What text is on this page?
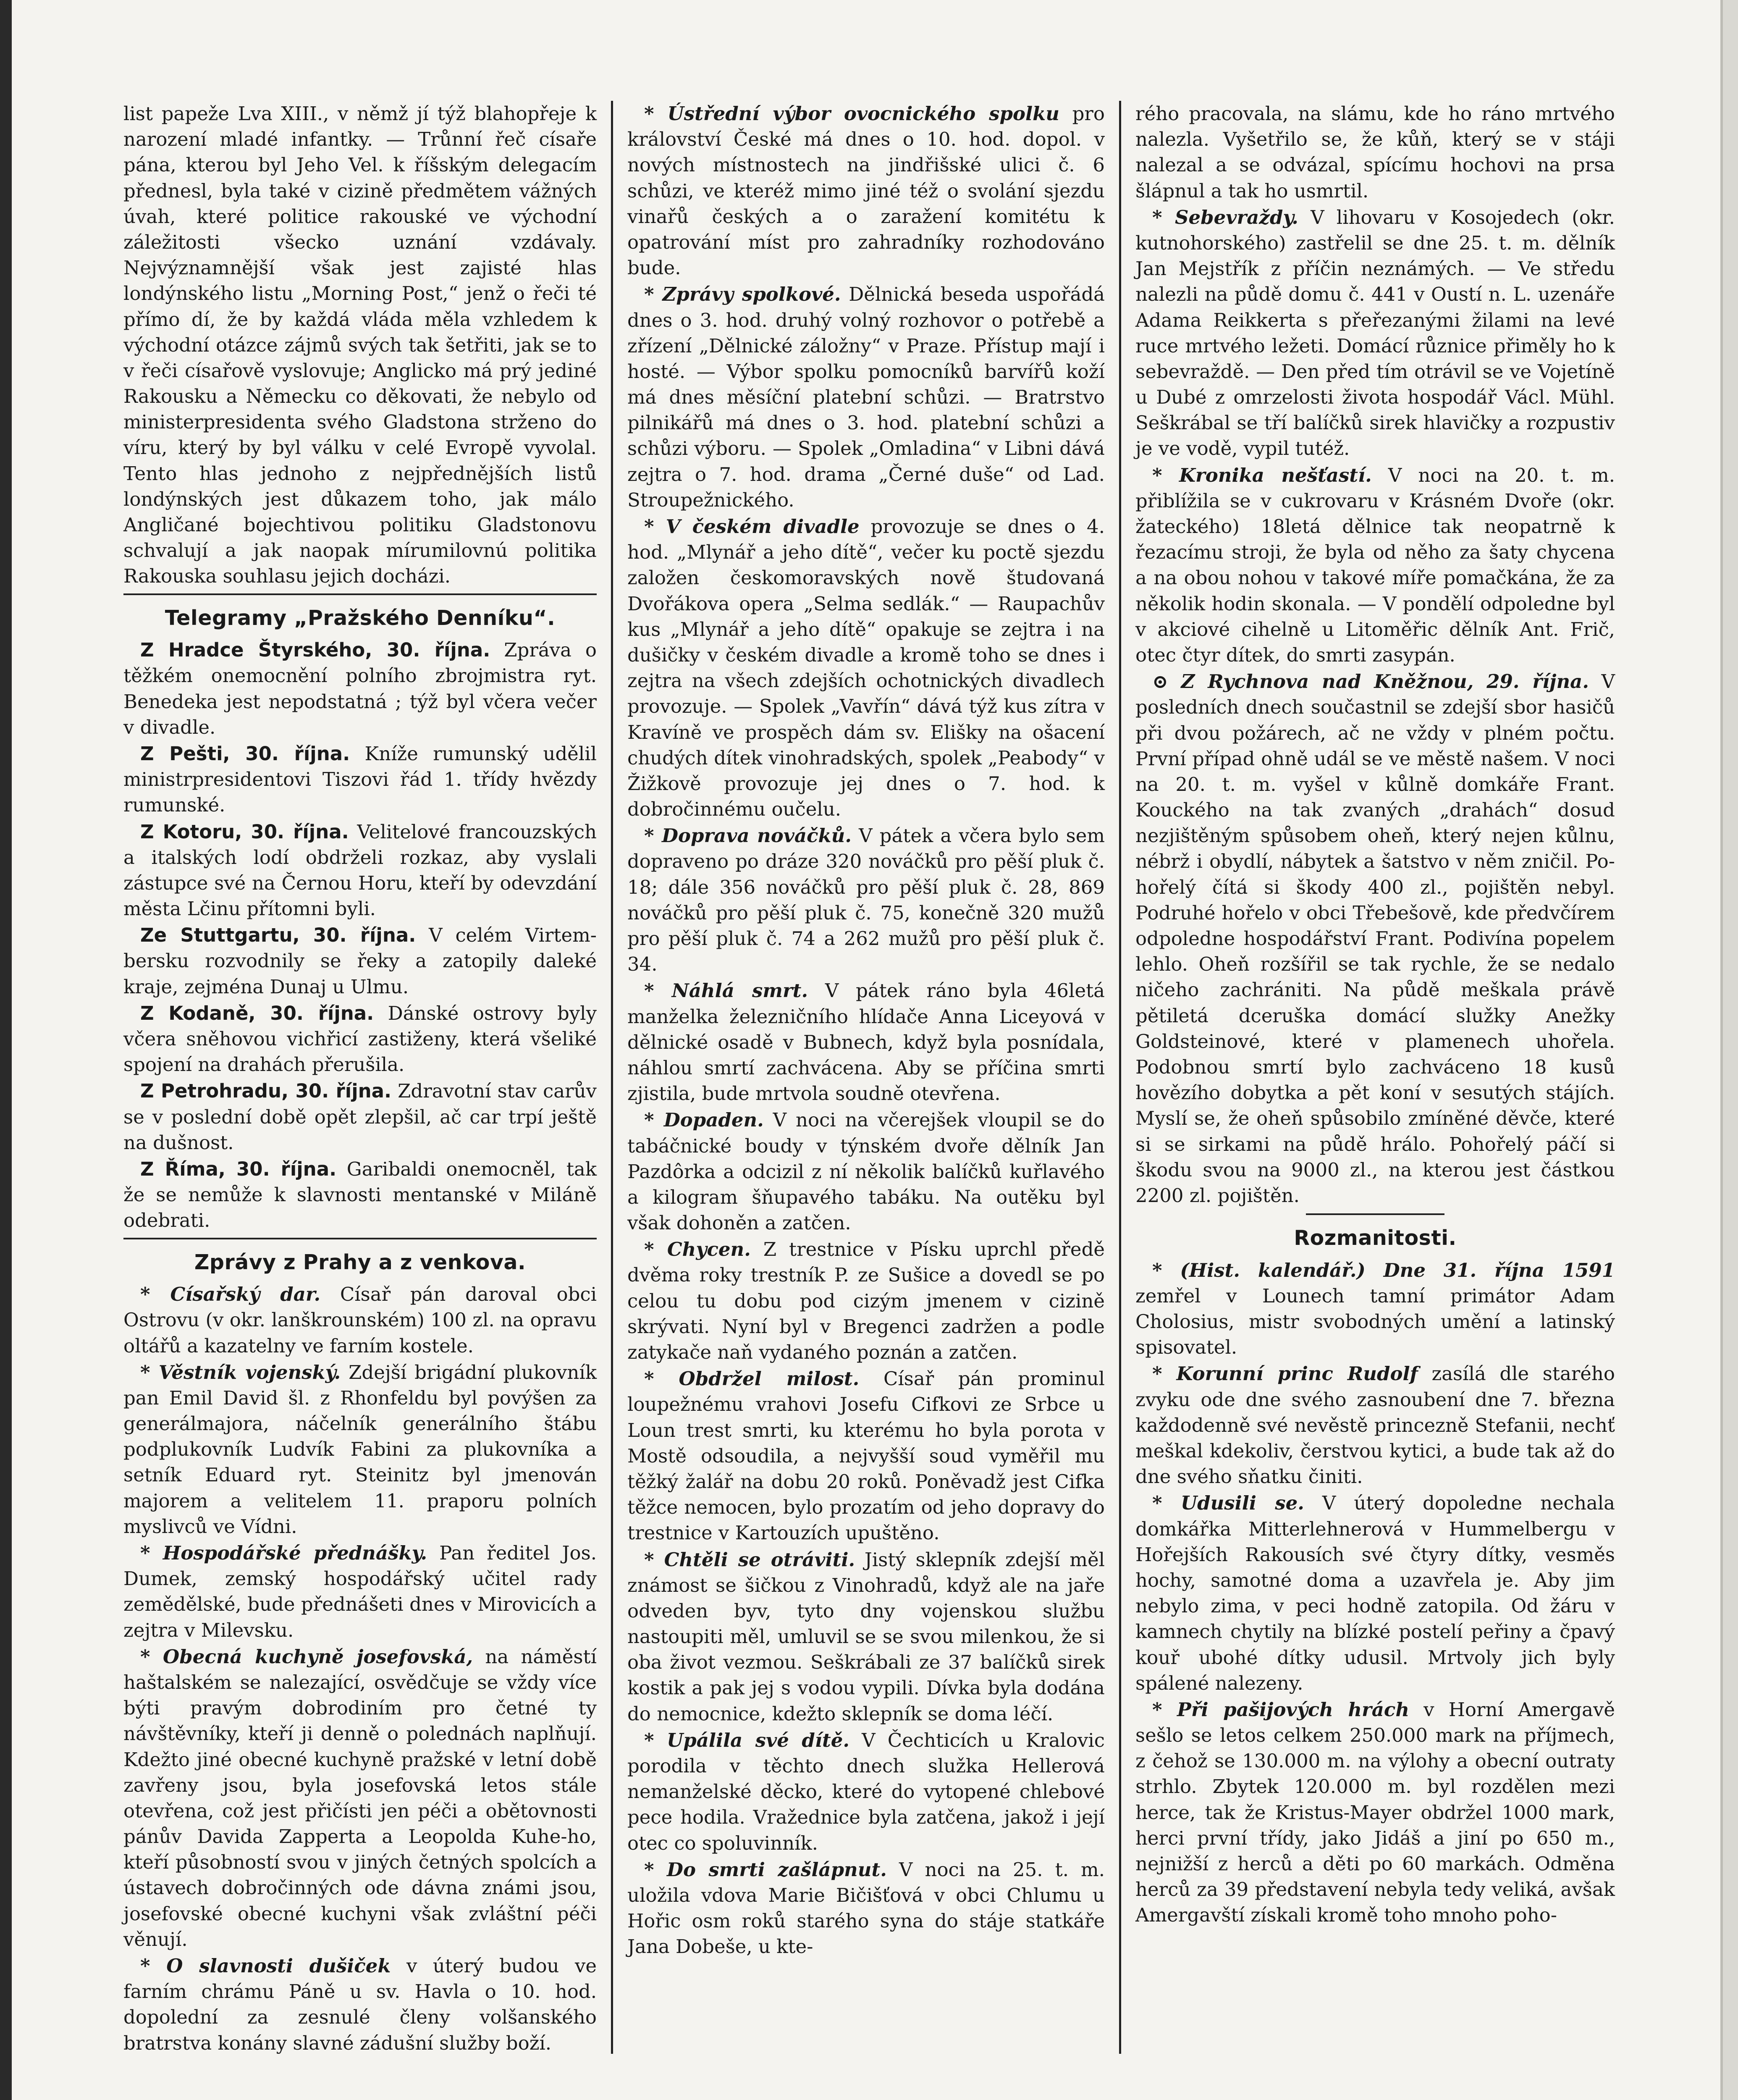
list papeže Lva XIII., v němž jí týž blahopřeje k narození mladé infantky. — Trůnní řeč císaře pána, kterou byl Jeho Vel. k říšským delegacím přednesl, byla také v cizině předmětem vážných úvah, které politice rakouské ve východní záležitosti všecko uznání vzdávaly. Nejvýznamnější však jest zajisté hlas londýnského listu „Morning Post,“ jenž o řeči té přímo dí, že by každá vláda měla vzhledem k východní otázce zájmů svých tak šetřiti, jak se to v řeči císařově vyslovuje; Anglicko má prý jediné Rakousku a Německu co děkovati, že nebylo od ministerpresidenta svého Gladstona strženo do víru, který by byl válku v celé Evropě vyvolal. Tento hlas jednoho z nejpřednějších listů londýnských jest důkazem toho, jak málo Angličané bojechtivou politiku Gladstonovu schvalují a jak naopak mírumilovnú politika Rakouska souhlasu jejich docházi.

Telegramy „Pražského Denníku“.

Z Hradce Štyrského, 30. října. Zpráva o těžkém onemocnění polního zbrojmistra ryt. Benedeka jest nepodstatná ; týž byl včera večer v divadle.

Z Pešti, 30. října. Kníže rumunský udělil ministrpresidentovi Tiszovi řád 1. třídy hvězdy rumunské.

Z Kotoru, 30. října. Velitelové francouzských a italských lodí obdrželi rozkaz, aby vyslali zástupce své na Černou Horu, kteří by odevzdání města Lčinu přítomni byli.

Ze Stuttgartu, 30. října. V celém Virtembersku rozvodnily se řeky a zatopily daleké kraje, zejména Dunaj u Ulmu.

Z Kodaně, 30. října. Dánské ostrovy byly včera sněhovou vichřicí zastiženy, která všeliké spojení na drahách přerušila.

Z Petrohradu, 30. října. Zdravotní stav carův se v poslední době opět zlepšil, ač car trpí ještě na dušnost.

Z Říma, 30. října. Garibaldi onemocněl, tak že se nemůže k slavnosti mentanské v Miláně odebrati.

Zprávy z Prahy a z venkova.

* Císařský dar. Císař pán daroval obci Ostrovu (v okr. lanškrounském) 100 zl. na opravu oltářů a kazatelny ve farním kostele.

* Věstník vojenský. Zdejší brigádní plukovník pan Emil David šl. z Rhonfeldu byl povýšen za generálmajora, náčelník generálního štábu podplukovník Ludvík Fabini za plukovníka a setník Eduard ryt. Steinitz byl jmenován majorem a velitelem 11. praporu polních myslivců ve Vídni.

* Hospodářské přednášky. Pan ředitel Jos. Dumek, zemský hospodářský učitel rady zemědělské, bude přednášeti dnes v Mirovicích a zejtra v Milevsku.

* Obecná kuchyně josefovská, na náměstí haštalském se nalezající, osvědčuje se vždy více býti pravým dobrodiním pro četné ty návštěvníky, kteří ji denně o polednách naplňují. Kdežto jiné obecné kuchyně pražské v letní době zavřeny jsou, byla josefovská letos stále otevřena, což jest přičísti jen péči a obětovnosti pánův Davida Zapperta a Leopolda Kuhe-ho, kteří působností svou v jiných četných spolcích a ústavech dobročinných ode dávna známi jsou, josefovské obecné kuchyni však zvláštní péči věnují.

* O slavnosti dušiček v úterý budou ve farním chrámu Páně u sv. Havla o 10. hod. dopolední za zesnulé členy volšanského bratrstva konány slavné zádušní služby boží.

* Ústřední výbor ovocnického spolku pro království České má dnes o 10. hod. dopol. v nových místnostech na jindřišské ulici č. 6 schůzi, ve kteréž mimo jiné též o svolání sjezdu vinařů českých a o zaražení komitétu k opatrování míst pro zahradníky rozhodováno bude.

* Zprávy spolkové. Dělnická beseda uspořádá dnes o 3. hod. druhý volný rozhovor o potřebě a zřízení „Dělnické záložny“ v Praze. Přístup mají i hosté. — Výbor spolku pomocníků barvířů koží má dnes měsíční platební schůzi. — Bratrstvo pilnikářů má dnes o 3. hod. platební schůzi a schůzi výboru. — Spolek „Omladina“ v Libni dává zejtra o 7. hod. drama „Černé duše“ od Lad. Stroupežnického.

* V českém divadle provozuje se dnes o 4. hod. „Mlynář a jeho dítě“, večer ku poctě sjezdu založen českomoravských nově študovaná Dvořákova opera „Selma sedlák.“ — Raupachův kus „Mlynář a jeho dítě“ opakuje se zejtra i na dušičky v českém divadle a kromě toho se dnes i zejtra na všech zdejších ochotnických divadlech provozuje. — Spolek „Vavřín“ dává týž kus zítra v Kravíně ve prospěch dám sv. Elišky na ošacení chudých dítek vinohradských, spolek „Peabody“ v Žižkově provozuje jej dnes o 7. hod. k dobročinnému oučelu.

* Doprava nováčků. V pátek a včera bylo sem dopraveno po dráze 320 nováčků pro pěší pluk č. 18; dále 356 nováčků pro pěší pluk č. 28, 869 nováčků pro pěší pluk č. 75, konečně 320 mužů pro pěší pluk č. 74 a 262 mužů pro pěší pluk č. 34.

* Náhlá smrt. V pátek ráno byla 46letá manželka železničního hlídače Anna Liceyová v dělnické osadě v Bubnech, když byla posnídala, náhlou smrtí zachvácena. Aby se příčina smrti zjistila, bude mrtvola soudně otevřena.

* Dopaden. V noci na včerejšek vloupil se do tabáčnické boudy v týnském dvoře dělník Jan Pazdôrka a odcizil z ní několik balíčků kuřlavého a kilogram šňupavého tabáku. Na outěku byl však dohoněn a zatčen.

* Chycen. Z trestnice v Písku uprchl předě dvěma roky trestník P. ze Sušice a dovedl se po celou tu dobu pod cizým jmenem v cizině skrývati. Nyní byl v Bregenci zadržen a podle zatykače naň vydaného poznán a zatčen.

* Obdržel milost. Císař pán prominul loupežnému vrahovi Josefu Cifkovi ze Srbce u Loun trest smrti, ku kterému ho byla porota v Mostě odsoudila, a nejvyšší soud vyměřil mu těžký žalář na dobu 20 roků. Poněvadž jest Cifka těžce nemocen, bylo prozatím od jeho dopravy do trestnice v Kartouzích upuštěno.

* Chtěli se otráviti. Jistý sklepník zdejší měl známost se šičkou z Vinohradů, když ale na jaře odveden byv, tyto dny vojenskou službu nastoupiti měl, umluvil se se svou milenkou, že si oba život vezmou. Seškrábali ze 37 balíčků sirek kostik a pak jej s vodou vypili. Dívka byla dodána do nemocnice, kdežto sklepník se doma léčí.

* Upálila své dítě. V Čechticích u Kralovic porodila v těchto dnech služka Hellerová nemanželské děcko, které do vytopené chlebové pece hodila. Vražednice byla zatčena, jakož i její otec co spoluvinník.

* Do smrti zašlápnut. V noci na 25. t. m. uložila vdova Marie Bičišťová v obci Chlumu u Hořic osm roků starého syna do stáje statkáře Jana Dobeše, u kte-

rého pracovala, na slámu, kde ho ráno mrtvého nalezla. Vyšetřilo se, že kůň, který se v stáji nalezal a se odvázal, spícímu hochovi na prsa šlápnul a tak ho usmrtil.

* Sebevraždy. V lihovaru v Kosojedech (okr. kutnohorského) zastřelil se dne 25. t. m. dělník Jan Mejstřík z příčin neznámých. — Ve středu nalezli na půdě domu č. 441 v Oustí n. L. uzenáře Adama Reikkerta s přeřezanými žilami na levé ruce mrtvého ležeti. Domácí různice přiměly ho k sebevraždě. — Den před tím otrávil se ve Vojetíně u Dubé z omrzelosti života hospodář Václ. Mühl. Seškrábal se tří balíčků sirek hlavičky a rozpustiv je ve vodě, vypil tutéž.

* Kronika nešťastí. V noci na 20. t. m. přiblížila se v cukrovaru v Krásném Dvoře (okr. žateckého) 18letá dělnice tak neopatrně k řezacímu stroji, že byla od něho za šaty chycena a na obou nohou v takové míře pomačkána, že za několik hodin skonala. — V pondělí odpoledne byl v akciové cihelně u Litoměřic dělník Ant. Frič, otec čtyr dítek, do smrti zasypán.

⊙ Z Rychnova nad Kněžnou, 29. října. V posledních dnech součastnil se zdejší sbor hasičů při dvou požárech, ač ne vždy v plném počtu. První případ ohně udál se ve městě našem. V noci na 20. t. m. vyšel v kůlně domkáře Frant. Kouckého na tak zvaných „drahách“ dosud nezjištěným spůsobem oheň, který nejen kůlnu, nébrž i obydlí, nábytek a šatstvo v něm zničil. Pohořelý čítá si škody 400 zl., pojištěn nebyl. Podruhé hořelo v obci Třebešově, kde předvčírem odpoledne hospodářství Frant. Podivína popelem lehlo. Oheň rozšířil se tak rychle, že se nedalo ničeho zachrániti. Na půdě meškala právě pětiletá dceruška domácí služky Anežky Goldsteinové, které v plamenech uhořela. Podobnou smrtí bylo zachváceno 18 kusů hovězího dobytka a pět koní v sesutých stájích. Myslí se, že oheň spůsobilo zmíněné děvče, které si se sirkami na půdě hrálo. Pohořelý páčí si škodu svou na 9000 zl., na kterou jest částkou 2200 zl. pojištěn.

Rozmanitosti.

* (Hist. kalendář.) Dne 31. října 1591 zemřel v Lounech tamní primátor Adam Cholosius, mistr svobodných umění a latinský spisovatel.

* Korunní princ Rudolf zasílá dle starého zvyku ode dne svého zasnoubení dne 7. března každodenně své nevěstě princezně Stefanii, nechť meškal kdekoliv, čerstvou kytici, a bude tak až do dne svého sňatku činiti.

* Udusili se. V úterý dopoledne nechala domkářka Mitterlehnerová v Hummelbergu v Hořejších Rakousích své čtyry dítky, vesměs hochy, samotné doma a uzavřela je. Aby jim nebylo zima, v peci hodně zatopila. Od žáru v kamnech chytily na blízké postelí peřiny a čpavý kouř ubohé dítky udusil. Mrtvoly jich byly spálené nalezeny.

* Při pašijových hrách v Horní Amergavě sešlo se letos celkem 250.000 mark na příjmech, z čehož se 130.000 m. na výlohy a obecní outraty strhlo. Zbytek 120.000 m. byl rozdělen mezi herce, tak že Kristus-Mayer obdržel 1000 mark, herci první třídy, jako Jidáš a jiní po 650 m., nejnižší z herců a děti po 60 markách. Odměna herců za 39 představení nebyla tedy veliká, avšak Amergavští získali kromě toho mnoho poho-
